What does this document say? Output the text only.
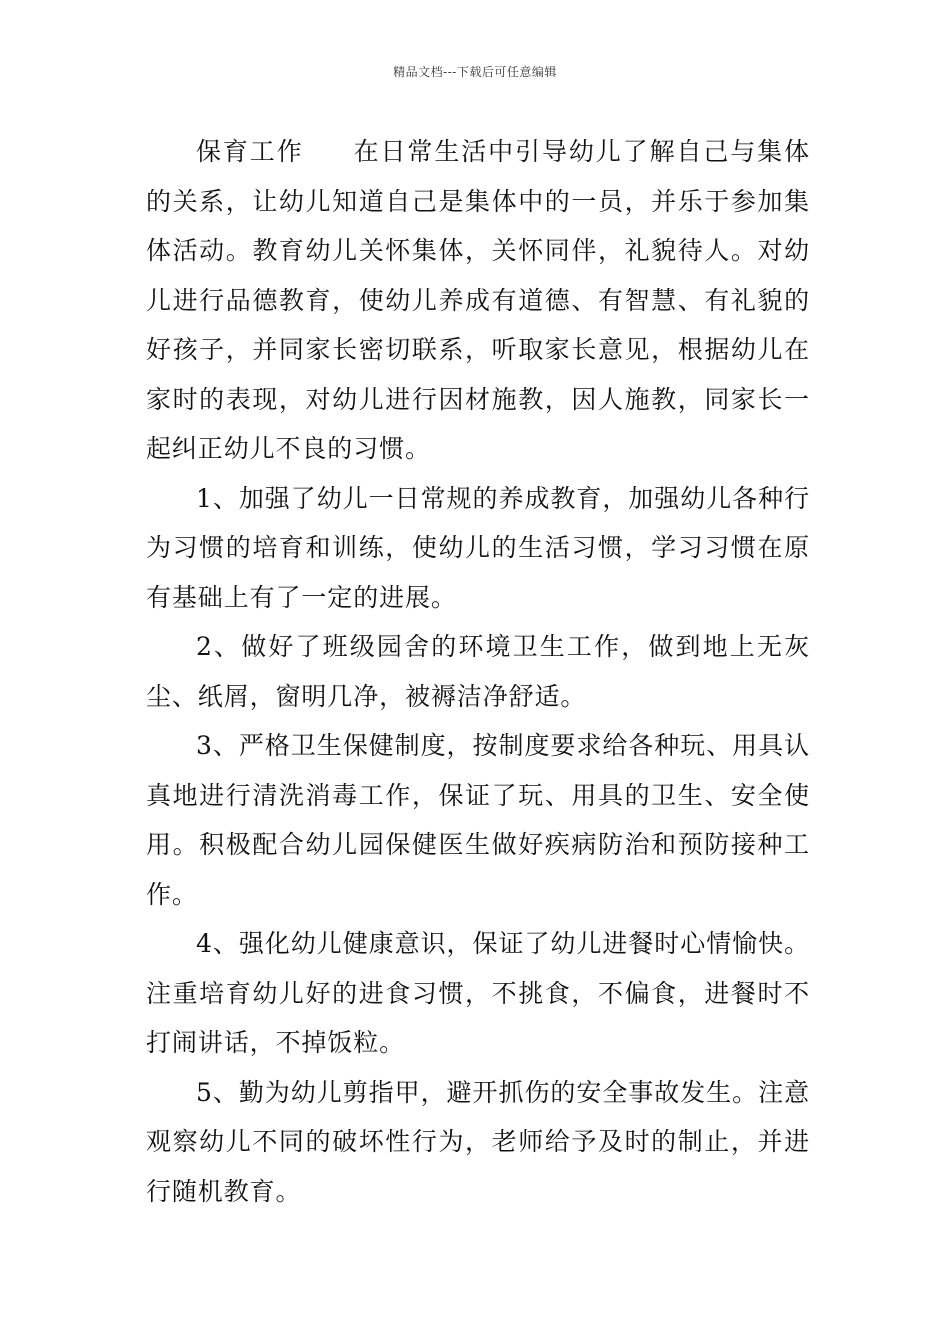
精品文档---下载后可任意编辑

保育工作 在日常生活中引导幼儿了解自己与集体的关系，让幼儿知道自己是集体中的一员，并乐于参加集体活动。教育幼儿关怀集体，关怀同伴，礼貌待人。对幼儿进行品德教育，使幼儿养成有道德、有智慧、有礼貌的好孩子，并同家长密切联系，听取家长意见，根据幼儿在家时的表现，对幼儿进行因材施教，因人施教，同家长一起纠正幼儿不良的习惯。

1、加强了幼儿一日常规的养成教育，加强幼儿各种行为习惯的培育和训练，使幼儿的生活习惯，学习习惯在原有基础上有了一定的进展。

2、做好了班级园舍的环境卫生工作，做到地上无灰尘、纸屑，窗明几净，被褥洁净舒适。

3、严格卫生保健制度，按制度要求给各种玩、用具认真地进行清洗消毒工作，保证了玩、用具的卫生、安全使用。积极配合幼儿园保健医生做好疾病防治和预防接种工作。

4、强化幼儿健康意识，保证了幼儿进餐时心情愉快。注重培育幼儿好的进食习惯，不挑食，不偏食，进餐时不打闹讲话，不掉饭粒。

5、勤为幼儿剪指甲，避开抓伤的安全事故发生。注意观察幼儿不同的破坏性行为，老师给予及时的制止，并进行随机教育。
